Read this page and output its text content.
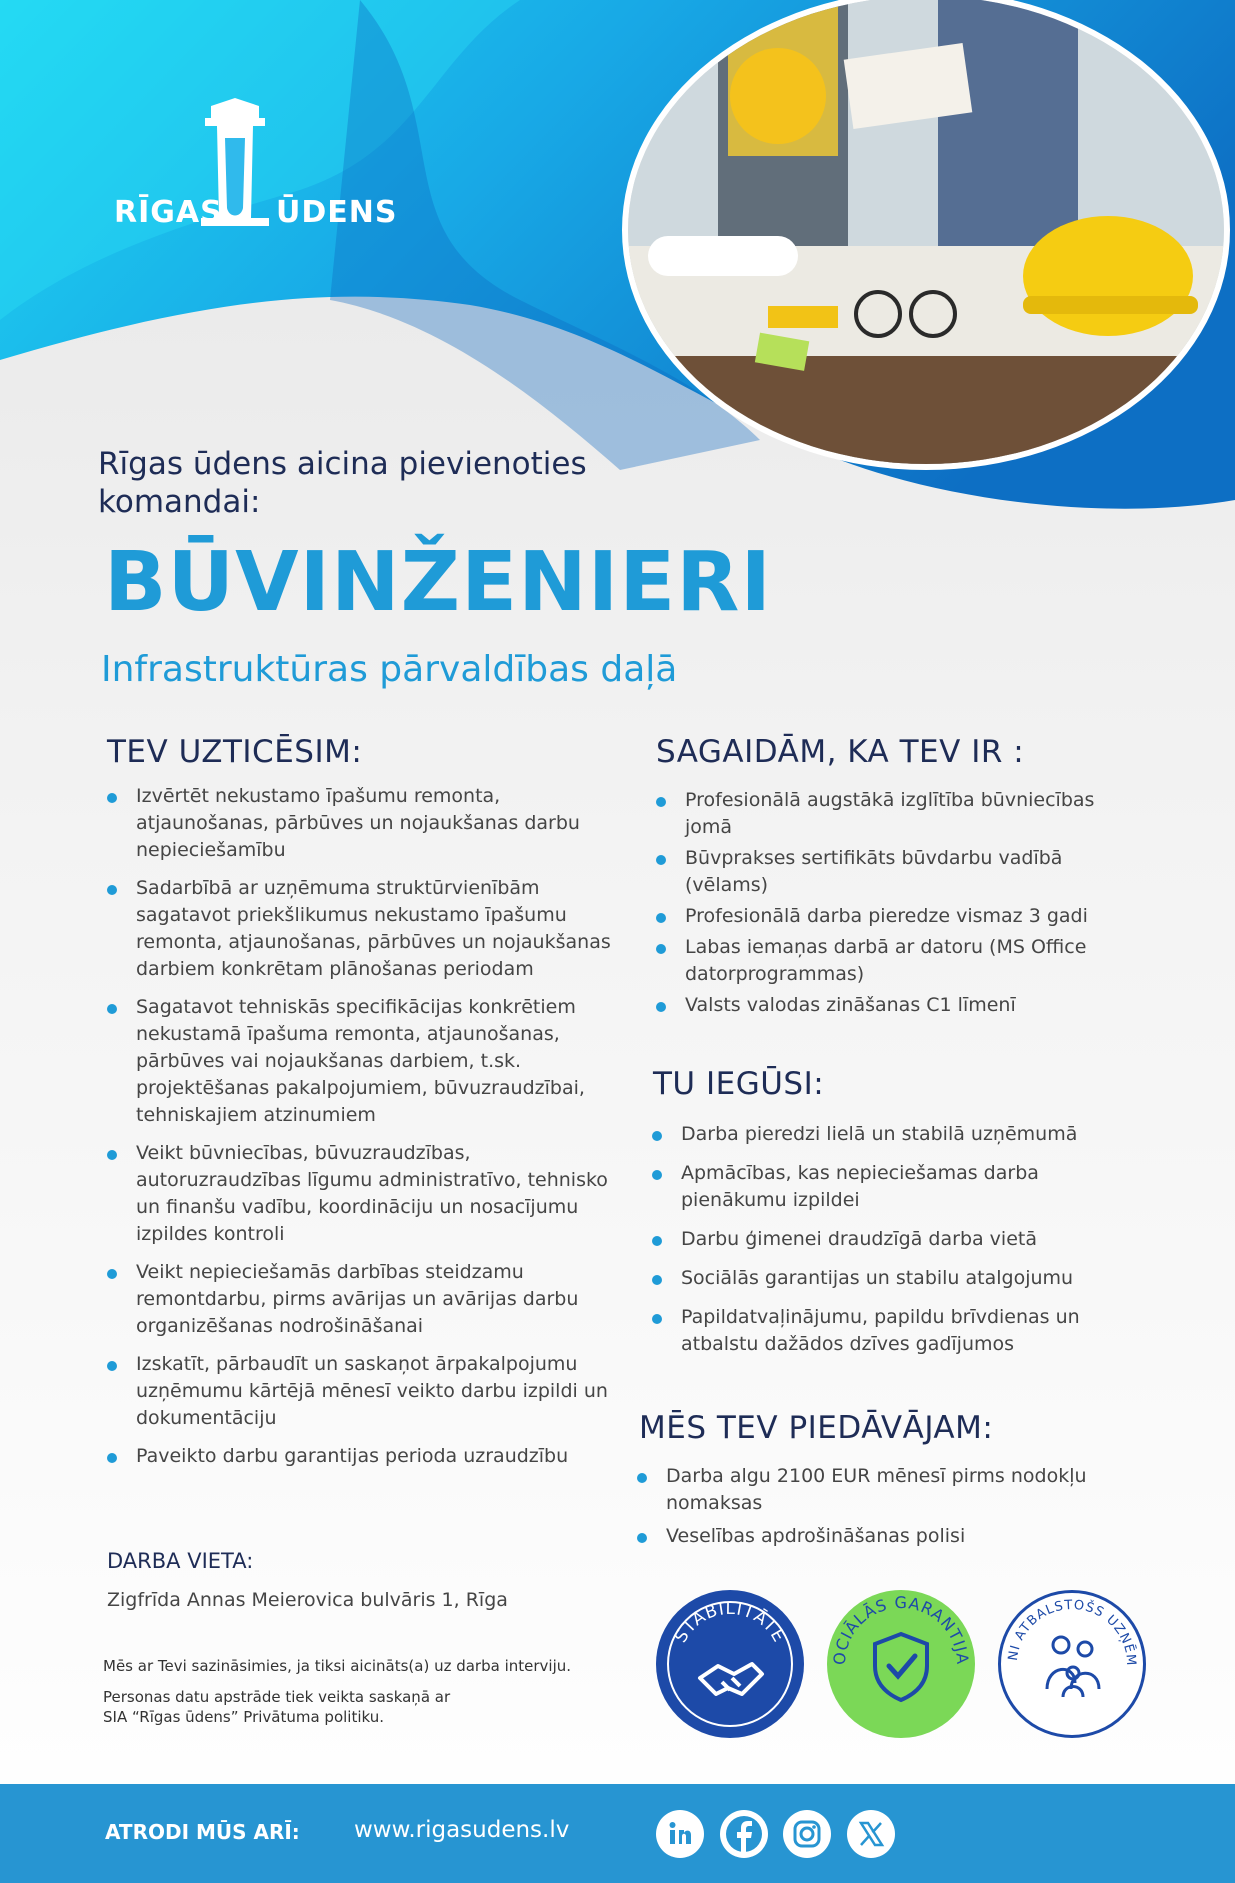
RĪGAS ŪDENS
Rīgas ūdens aicina pievienoties komandai:
BŪVINŽENIERI
Infrastruktūras pārvaldības daļā
TEV UZTICĒSIM:
Izvērtēt nekustamo īpašumu remonta, atjaunošanas, pārbūves un nojaukšanas darbu nepieciešamību
Sadarbībā ar uzņēmuma struktūrvienībām sagatavot priekšlikumus nekustamo īpašumu remonta, atjaunošanas, pārbūves un nojaukšanas darbiem konkrētam plānošanas periodam
Sagatavot tehniskās specifikācijas konkrētiem nekustamā īpašuma remonta, atjaunošanas, pārbūves vai nojaukšanas darbiem, t.sk. projektēšanas pakalpojumiem, būvuzraudzībai, tehniskajiem atzinumiem
Veikt būvniecības, būvuzraudzības, autoruzraudzības līgumu administratīvo, tehnisko un finanšu vadību, koordināciju un nosacījumu izpildes kontroli
Veikt nepieciešamās darbības steidzamu remontdarbu, pirms avārijas un avārijas darbu organizēšanas nodrošināšanai
Izskatīt, pārbaudīt un saskaņot ārpakalpojumu uzņēmumu kārtējā mēnesī veikto darbu izpildi un dokumentāciju
Paveikto darbu garantijas perioda uzraudzību
SAGAIDĀM, KA TEV IR :
Profesionālā augstākā izglītība būvniecības jomā
Būvprakses sertifikāts būvdarbu vadībā (vēlams)
Profesionālā darba pieredze vismaz 3 gadi
Labas iemaņas darbā ar datoru (MS Office datorprogrammas)
Valsts valodas zināšanas C1 līmenī
TU IEGŪSI:
Darba pieredzi lielā un stabilā uzņēmumā
Apmācības, kas nepieciešamas darba pienākumu izpildei
Darbu ģimenei draudzīgā darba vietā
Sociālās garantijas un stabilu atalgojumu
Papildatvaļinājumu, papildu brīvdienas un atbalstu dažādos dzīves gadījumos
MĒS TEV PIEDĀVĀJAM:
Darba algu 2100 EUR mēnesī pirms nodokļu nomaksas
Veselības apdrošināšanas polisi
DARBA VIETA:
Zigfrīda Annas Meierovica bulvāris 1, Rīga
Mēs ar Tevi sazināsimies, ja tiksi aicināts(a) uz darba interviju.
Personas datu apstrāde tiek veikta saskaņā ar
SIA “Rīgas ūdens” Privātuma politiku.
STABILITĀTE
OCIĀLĀS GARANTIJA	NI ATBALSTOŠS UZŅĒM
ATRODI MŪS ARĪ: www.rigasudens.lv
